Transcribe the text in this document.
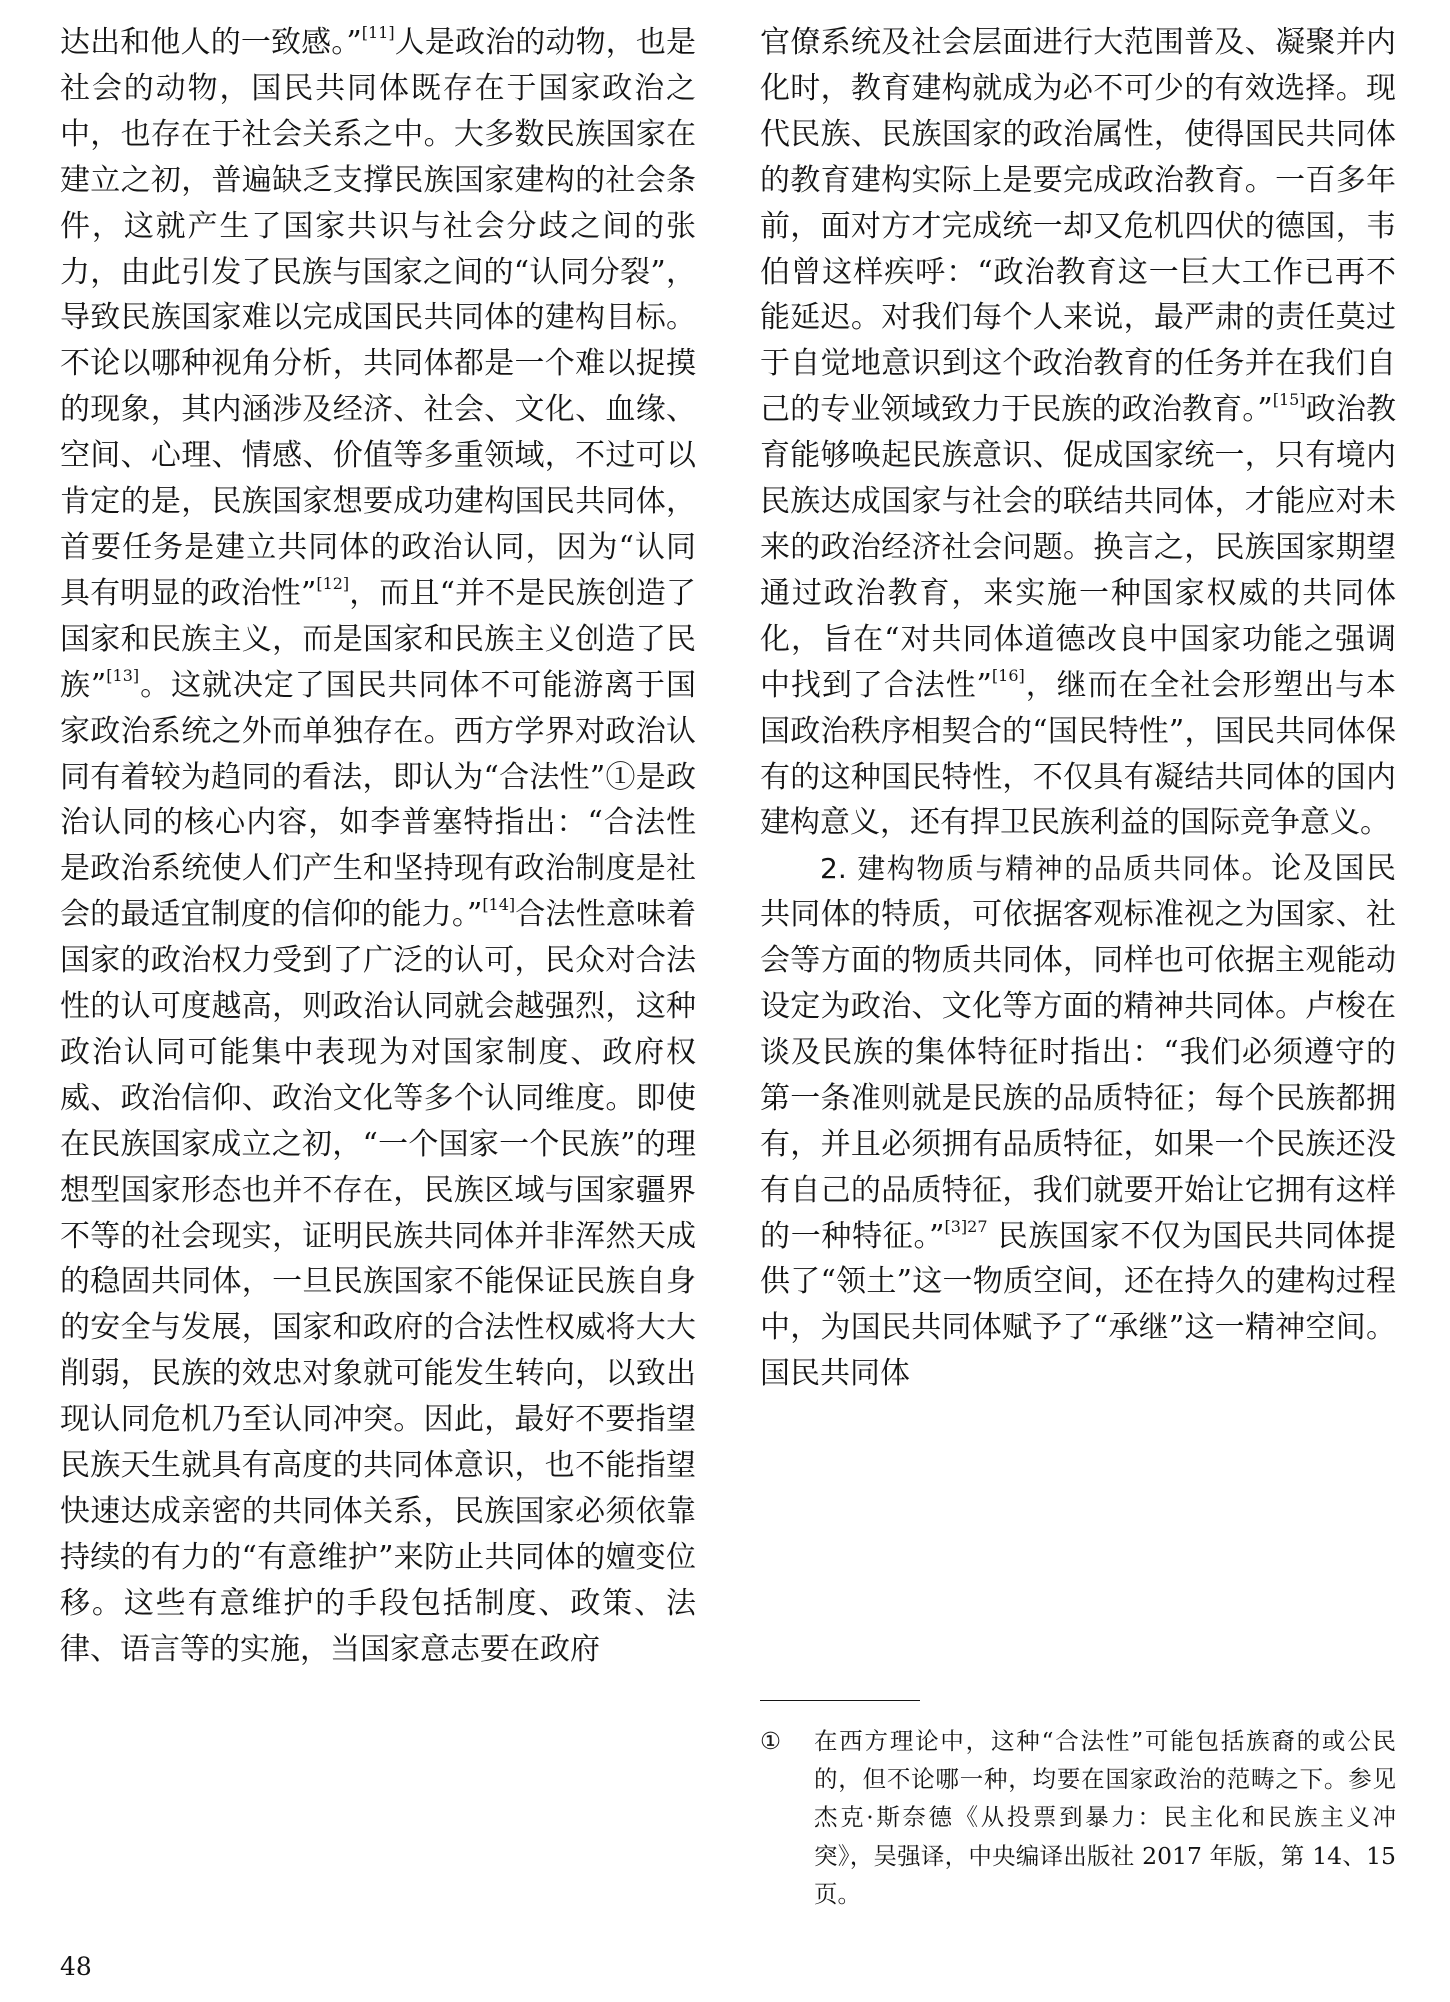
达出和他人的一致感。”[11]人是政治的动物，也是社会的动物，国民共同体既存在于国家政治之中，也存在于社会关系之中。大多数民族国家在建立之初，普遍缺乏支撑民族国家建构的社会条件，这就产生了国家共识与社会分歧之间的张力，由此引发了民族与国家之间的“认同分裂”，导致民族国家难以完成国民共同体的建构目标。不论以哪种视角分析，共同体都是一个难以捉摸的现象，其内涵涉及经济、社会、文化、血缘、空间、心理、情感、价值等多重领域，不过可以肯定的是，民族国家想要成功建构国民共同体，首要任务是建立共同体的政治认同，因为“认同具有明显的政治性”[12]，而且“并不是民族创造了国家和民族主义，而是国家和民族主义创造了民族”[13]。这就决定了国民共同体不可能游离于国家政治系统之外而单独存在。西方学界对政治认同有着较为趋同的看法，即认为“合法性”①是政治认同的核心内容，如李普塞特指出：“合法性是政治系统使人们产生和坚持现有政治制度是社会的最适宜制度的信仰的能力。”[14]合法性意味着国家的政治权力受到了广泛的认可，民众对合法性的认可度越高，则政治认同就会越强烈，这种政治认同可能集中表现为对国家制度、政府权威、政治信仰、政治文化等多个认同维度。即使在民族国家成立之初，“一个国家一个民族”的理想型国家形态也并不存在，民族区域与国家疆界不等的社会现实，证明民族共同体并非浑然天成的稳固共同体，一旦民族国家不能保证民族自身的安全与发展，国家和政府的合法性权威将大大削弱，民族的效忠对象就可能发生转向，以致出现认同危机乃至认同冲突。因此，最好不要指望民族天生就具有高度的共同体意识，也不能指望快速达成亲密的共同体关系，民族国家必须依靠持续的有力的“有意维护”来防止共同体的嬗变位移。这些有意维护的手段包括制度、政策、法律、语言等的实施，当国家意志要在政府

官僚系统及社会层面进行大范围普及、凝聚并内化时，教育建构就成为必不可少的有效选择。现代民族、民族国家的政治属性，使得国民共同体的教育建构实际上是要完成政治教育。一百多年前，面对方才完成统一却又危机四伏的德国，韦伯曾这样疾呼：“政治教育这一巨大工作已再不能延迟。对我们每个人来说，最严肃的责任莫过于自觉地意识到这个政治教育的任务并在我们自己的专业领域致力于民族的政治教育。”[15]政治教育能够唤起民族意识、促成国家统一，只有境内民族达成国家与社会的联结共同体，才能应对未来的政治经济社会问题。换言之，民族国家期望通过政治教育，来实施一种国家权威的共同体化，旨在“对共同体道德改良中国家功能之强调中找到了合法性”[16]，继而在全社会形塑出与本国政治秩序相契合的“国民特性”，国民共同体保有的这种国民特性，不仅具有凝结共同体的国内建构意义，还有捍卫民族利益的国际竞争意义。

2. 建构物质与精神的品质共同体。论及国民共同体的特质，可依据客观标准视之为国家、社会等方面的物质共同体，同样也可依据主观能动设定为政治、文化等方面的精神共同体。卢梭在谈及民族的集体特征时指出：“我们必须遵守的第一条准则就是民族的品质特征；每个民族都拥有，并且必须拥有品质特征，如果一个民族还没有自己的品质特征，我们就要开始让它拥有这样的一种特征。”$^{[3]27}$ 民族国家不仅为国民共同体提供了“领土”这一物质空间，还在持久的建构过程中，为国民共同体赋予了“承继”这一精神空间。国民共同体

① 在西方理论中，这种“合法性”可能包括族裔的或公民的，但不论哪一种，均要在国家政治的范畴之下。参见杰克·斯奈德《从投票到暴力：民主化和民族主义冲突》，吴强译，中央编译出版社 2017 年版，第 14、15 页。
48
